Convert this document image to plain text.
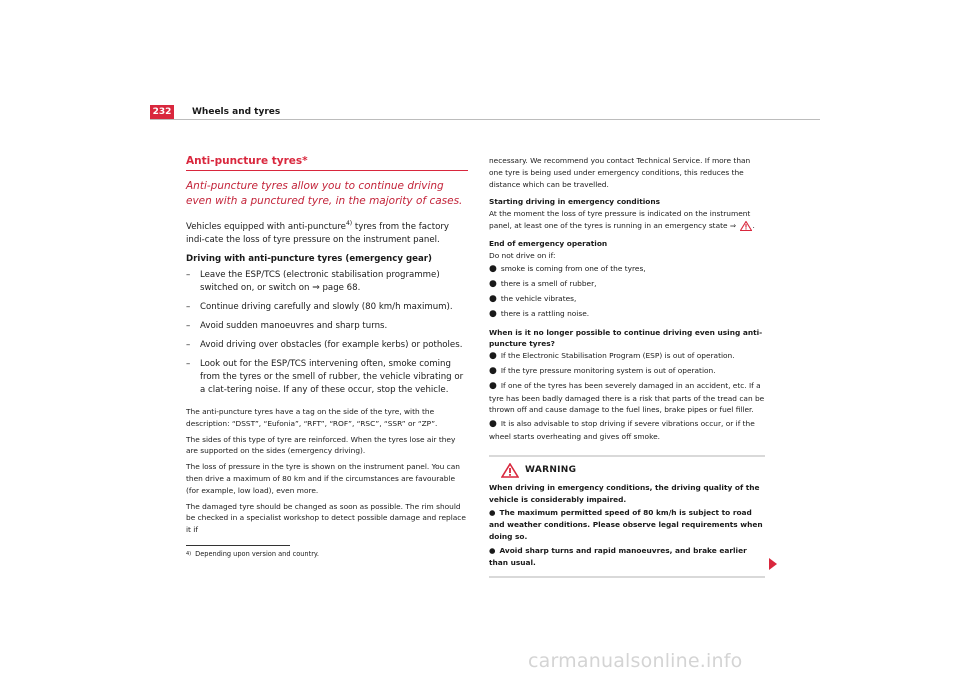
232 Wheels and tyres
Anti-puncture tyres*
Anti-puncture tyres allow you to continue driving even with a punctured tyre, in the majority of cases.

Vehicles equipped with anti-puncture$^{4)}$ tyres from the factory indi-cate the loss of tyre pressure on the instrument panel.

Driving with anti-puncture tyres (emergency gear)

–	Leave the ESP/TCS (electronic stabilisation programme) switched on, or switch on ⇒ page 68.
–	Continue driving carefully and slowly (80 km/h maximum).
–	Avoid sudden manoeuvres and sharp turns.
–	Avoid driving over obstacles (for example kerbs) or potholes.
–	Look out for the ESP/TCS intervening often, smoke coming from the tyres or the smell of rubber, the vehicle vibrating or a clat-tering noise. If any of these occur, stop the vehicle.

The anti-puncture tyres have a tag on the side of the tyre, with the description: “DSST”, “Eufonia”, “RFT”, “ROF”, “RSC”, “SSR” or “ZP”.

The sides of this type of tyre are reinforced. When the tyres lose air they are supported on the sides (emergency driving).

The loss of pressure in the tyre is shown on the instrument panel. You can then drive a maximum of 80 km and if the circumstances are favourable (for example, low load), even more.

The damaged tyre should be changed as soon as possible. The rim should be checked in a specialist workshop to detect possible damage and replace it if

4) Depending upon version and country.

necessary. We recommend you contact Technical Service. If more than one tyre is being used under emergency conditions, this reduces the distance which can be travelled.

Starting driving in emergency conditions

At the moment the loss of tyre pressure is indicated on the instrument panel, at least one of the tyres is running in an emergency state ⇒ .

End of emergency operation

Do not drive on if:

● smoke is coming from one of the tyres,

● there is a smell of rubber,

● the vehicle vibrates,

● there is a rattling noise.

When is it no longer possible to continue driving even using anti-puncture tyres?

● If the Electronic Stabilisation Program (ESP) is out of operation.

● If the tyre pressure monitoring system is out of operation.

● If one of the tyres has been severely damaged in an accident, etc. If a tyre has been badly damaged there is a risk that parts of the tread can be thrown off and cause damage to the fuel lines, brake pipes or fuel filler.

● It is also advisable to stop driving if severe vibrations occur, or if the wheel starts overheating and gives off smoke.

WARNING

When driving in emergency conditions, the driving quality of the vehicle is considerably impaired.

● The maximum permitted speed of 80 km/h is subject to road and weather conditions. Please observe legal requirements when doing so.

● Avoid sharp turns and rapid manoeuvres, and brake earlier than usual.

carmanualsonline.info
